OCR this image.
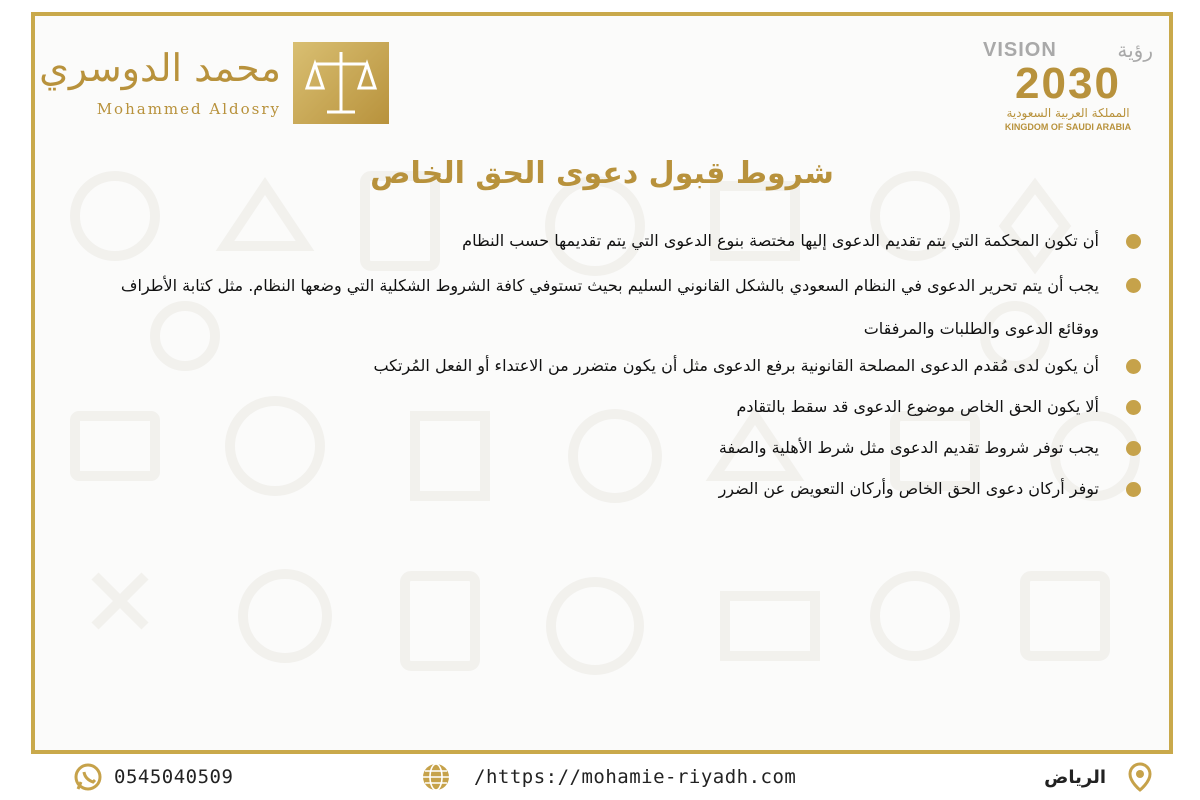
محمد الدوسري
Mohammed Aldosry
VISION	رؤية
2030
المملكة العربية السعودية
KINGDOM OF SAUDI ARABIA
شروط قبول دعوى الحق الخاص
أن تكون المحكمة التي يتم تقديم الدعوى إليها مختصة بنوع الدعوى التي يتم تقديمها حسب النظام
يجب أن يتم تحرير الدعوى في النظام السعودي بالشكل القانوني السليم بحيث تستوفي كافة الشروط الشكلية التي وضعها النظام. مثل كتابة الأطراف ووقائع الدعوى والطلبات والمرفقات
أن يكون لدى مُقدم الدعوى المصلحة القانونية برفع الدعوى مثل أن يكون متضرر من الاعتداء أو الفعل المُرتكب
ألا يكون الحق الخاص موضوع الدعوى قد سقط بالتقادم
يجب توفر شروط تقديم الدعوى مثل شرط الأهلية والصفة
توفر أركان دعوى الحق الخاص وأركان التعويض عن الضرر
0545040509	/https://mohamie-riyadh.com	الرياض
